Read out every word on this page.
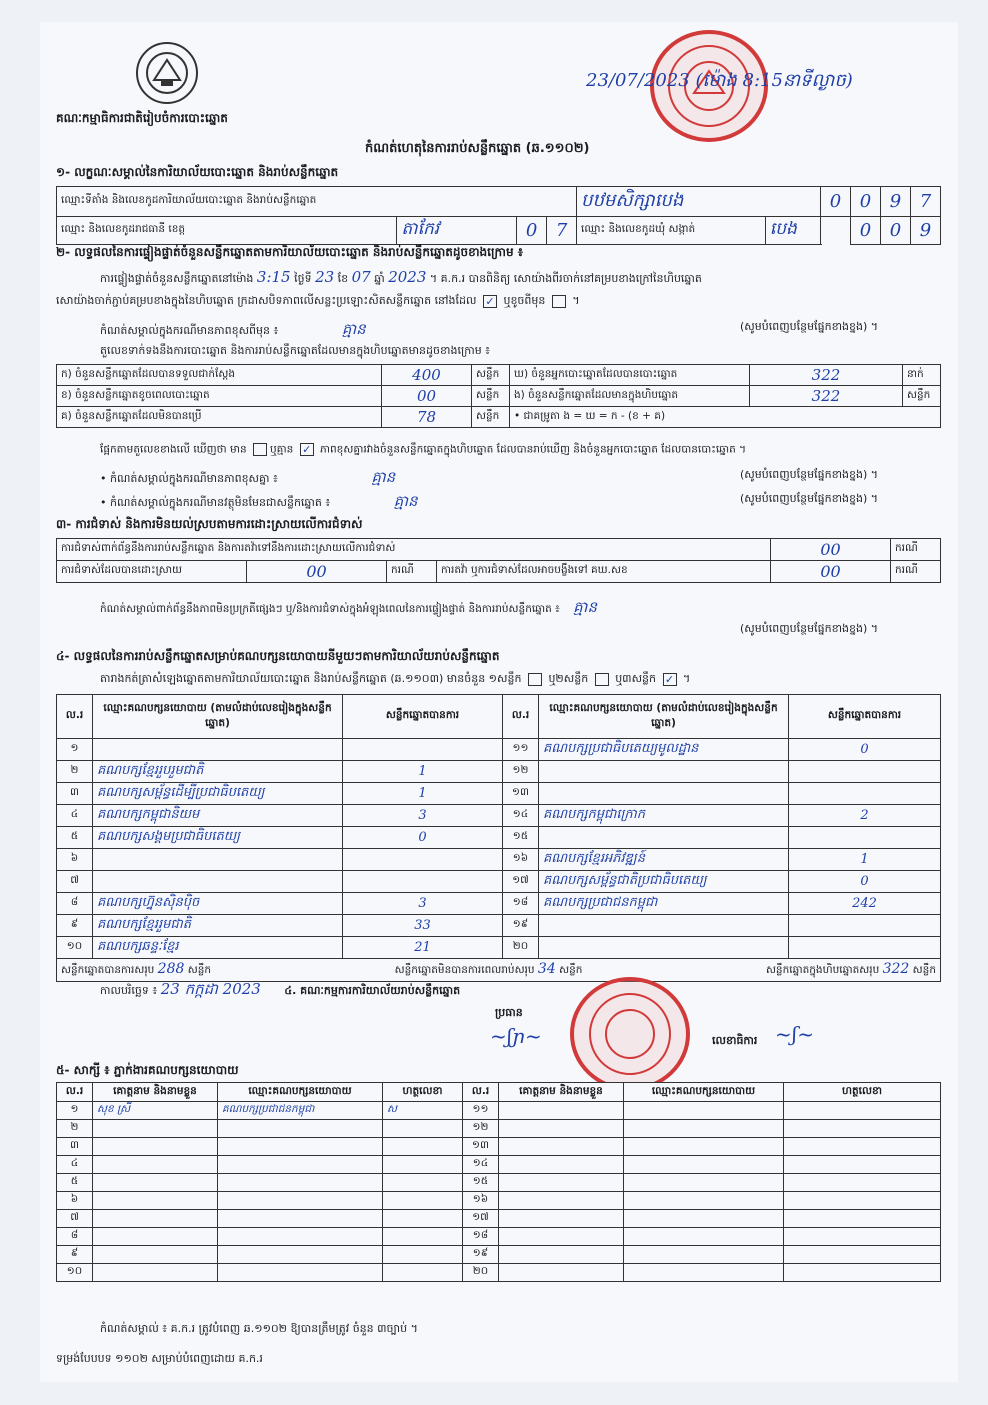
គណៈកម្មាធិការជាតិរៀបចំការបោះឆ្នោត
23/07/2023 (ម៉ោង 8:15នាទីល្ងាច)
កំណត់ហេតុនៃការរាប់សន្លឹកឆ្នោត (ឆ.១១០២)
១- លក្ខណៈសម្គាល់នៃការិយាល័យបោះឆ្នោត និងរាប់សន្លឹកឆ្នោត
ឈ្មោះទីតាំង និងលេខកូដការិយាល័យបោះឆ្នោត និងរាប់សន្លឹកឆ្នោត				បឋមសិក្សាបេង		0	0	9	7
ឈ្មោះ និងលេខកូដរាជធានី ខេត្ត	តាកែវ	0	7	ឈ្មោះ និងលេខកូដឃុំ សង្កាត់	បេង		0	0	9
២- លទ្ធផលនៃការផ្ទៀងផ្ទាត់ចំនួនសន្លឹកឆ្នោតតាមការិយាល័យបោះឆ្នោត និងរាប់សន្លឹកឆ្នោតដូចខាងក្រោម ៖
ការផ្ទៀងផ្ទាត់ចំនួនសន្លឹកឆ្នោតនៅម៉ោង 3:15 ថ្ងៃទី 23 ខែ 07 ឆ្នាំ 2023 ។ គ.ក.រ បានពិនិត្យ សោយ៉ាងពីរចាក់នៅគម្របខាងក្រៅនៃហិបឆ្នោត
សោយ៉ាងចាក់ភ្ជាប់គម្របខាងក្នុងនៃហិបឆ្នោត ក្រដាសបិទភាពលើសន្លះប្រឡោះសិតសន្លឹកឆ្នោត នៅងដែល ✓ ឬខូចពីមុន  ។
កំណត់សម្គាល់ក្នុងករណីមានភាពខុសពីមុន ៖	គ្មាន	(សូមបំពេញបន្ថែមផ្នែកខាងខ្នង) ។
តួលេខទាក់ទងនឹងការបោះឆ្នោត និងការរាប់សន្លឹកឆ្នោតដែលមានក្នុងហិបឆ្នោតមានដូចខាងក្រោម ៖
ក) ចំនួនសន្លឹកឆ្នោតដែលបានទទួលជាក់ស្ដែង	400	សន្លឹក	ឃ) ចំនួនអ្នកបោះឆ្នោតដែលបានបោះឆ្នោត	322	នាក់
ខ) ចំនួនសន្លឹកឆ្នោតខូចពេលបោះឆ្នោត	00	សន្លឹក	ង) ចំនួនសន្លឹកឆ្នោតដែលមានក្នុងហិបឆ្នោត	322	សន្លឹក
គ) ចំនួនសន្លឹកឆ្នោតដែលមិនបានប្រើ	78	សន្លឹក	• ជាគម្រូតា ង = ឃ = ក - (ខ + គ)		
ផ្អែកតាមតួលេខខាងលើ ឃើញថា មាន ឬគ្មាន ✓ ភាពខុសគ្នារវាងចំនួនសន្លឹកឆ្នោតក្នុងហិបឆ្នោត ដែលបានរាប់ឃើញ និងចំនួនអ្នកបោះឆ្នោត ដែលបានបោះឆ្នោត ។
• កំណត់សម្គាល់ក្នុងករណីមានភាពខុសគ្នា ៖	គ្មាន	(សូមបំពេញបន្ថែមផ្នែកខាងខ្នង) ។
• កំណត់សម្គាល់ក្នុងករណីមានវត្ថុមិនមែនជាសន្លឹកឆ្នោត ៖	គ្មាន	(សូមបំពេញបន្ថែមផ្នែកខាងខ្នង) ។
៣- ការជំទាស់ និងការមិនយល់ស្របតាមការដោះស្រាយលើការជំទាស់
ការជំទាស់ពាក់ព័ន្ធនឹងការរាប់សន្លឹកឆ្នោត និងការតវ៉ាទៅនឹងការដោះស្រាយលើការជំទាស់				00	ករណី
ការជំទាស់ដែលបានដោះស្រាយ	00	ករណី	ការតវ៉ា ឬការជំទាស់ដែលអាចបង្ខឹងទៅ គឃ.សខ	00	ករណី
កំណត់សម្គាល់ពាក់ព័ន្ធនឹងភាពមិនប្រក្រតីផ្សេងៗ ឬ/និងការជំទាស់ក្នុងអំឡុងពេលនៃការផ្ទៀងផ្ទាត់ និងការរាប់សន្លឹកឆ្នោត ៖ គ្មាន
(សូមបំពេញបន្ថែមផ្នែកខាងខ្នង) ។
៤- លទ្ធផលនៃការរាប់សន្លឹកឆ្នោតសម្រាប់គណបក្សនយោបាយនីមួយៗតាមការិយាល័យរាប់សន្លឹកឆ្នោត
តារាងកត់ត្រាសំឡេងឆ្នោតតាមការិយាល័យបោះឆ្នោត និងរាប់សន្លឹកឆ្នោត (ឆ.១១០៣) មានចំនួន ១សន្លឹក ឬ២សន្លឹក ឬ៣សន្លឹក ✓ ។
ល.រ	ឈ្មោះគណបក្សនយោបាយ (តាមលំដាប់លេខរៀងក្នុងសន្លឹកឆ្នោត)	សន្លឹកឆ្នោតបានការ	ល.រ	ឈ្មោះគណបក្សនយោបាយ (តាមលំដាប់លេខរៀងក្នុងសន្លឹកឆ្នោត)	សន្លឹកឆ្នោតបានការ
១			១១	គណបក្សប្រជាធិបតេយ្យមូលដ្ឋាន	0
២	គណបក្សខ្មែររួបរួមជាតិ	1	១២		
៣	គណបក្សសម្ព័ន្ធដើម្បីប្រជាធិបតេយ្យ	1	១៣		
៤	គណបក្សកម្ពុជានិយម	3	១៤	គណបក្សកម្ពុជាក្រោក	2
៥	គណបក្សសង្គមប្រជាធិបតេយ្យ	0	១៥		
៦			១៦	គណបក្សខ្មែរអភិវឌ្ឍន៍	1
៧			១៧	គណបក្សសម្ព័ន្ធជាតិប្រជាធិបតេយ្យ	0
៨	គណបក្សហ្វ៊ុនស៊ិនប៉ិច	3	១៨	គណបក្សប្រជាជនកម្ពុជា	242
៩	គណបក្សខ្មែររួមជាតិ	33	១៩		
១០	គណបក្សឆន្ទៈខ្មែរ	21	២០		

សន្លឹកឆ្នោតបានការសរុប 288 សន្លឹក សន្លឹកឆ្នោតមិនបានការពេលរាប់សរុប 34 សន្លឹក សន្លឹកឆ្នោតក្នុងហិបឆ្នោតសរុប 322 សន្លឹក					
កាលបរិច្ឆេទ ៖ 23 កក្កដា 2023 ៤. គណៈកម្មការការិយាល័យរាប់សន្លឹកឆ្នោត
ប្រធាន
~ʃɲ~	លេខាធិការ ~ʃ~
៥- សាក្សី ៖ ភ្នាក់ងារគណបក្សនយោបាយ
ល.រ	គោត្តនាម និងនាមខ្លួន	ឈ្មោះគណបក្សនយោបាយ	ហត្ថលេខា	ល.រ	គោត្តនាម និងនាមខ្លួន	ឈ្មោះគណបក្សនយោបាយ	ហត្ថលេខា
១	សុខ ស្រី	គណបក្សប្រជាជនកម្ពុជា	ស	១១			
២				១២			
៣				១៣			
៤				១៤			
៥				១៥			
៦				១៦			
៧				១៧			
៨				១៨			
៩				១៩			
១០				២០			
កំណត់សម្គាល់ ៖ គ.ក.រ ត្រូវបំពេញ ឆ.១១០២ ឱ្យបានត្រឹមត្រូវ ចំនួន ៣ច្បាប់ ។
ទម្រង់បែបបទ ១១០២ សម្រាប់បំពេញដោយ គ.ក.រ
